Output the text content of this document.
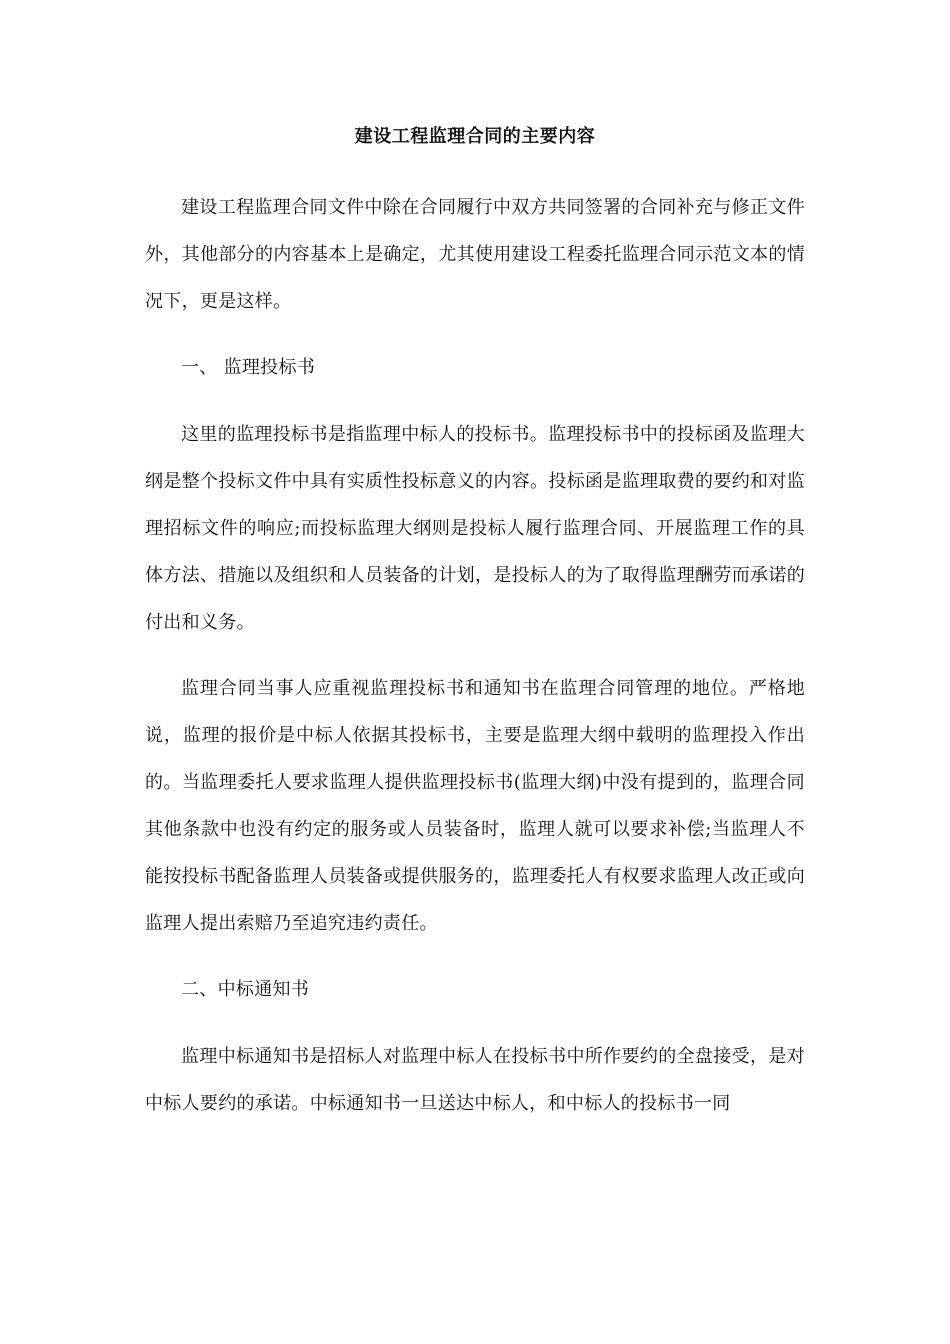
建设工程监理合同的主要内容

建设工程监理合同文件中除在合同履行中双方共同签署的合同补充与修正文件外，其他部分的内容基本上是确定，尤其使用建设工程委托监理合同示范文本的情况下，更是这样。

一、 监理投标书

这里的监理投标书是指监理中标人的投标书。监理投标书中的投标函及监理大纲是整个投标文件中具有实质性投标意义的内容。投标函是监理取费的要约和对监理招标文件的响应;而投标监理大纲则是投标人履行监理合同、开展监理工作的具体方法、措施以及组织和人员装备的计划，是投标人的为了取得监理酬劳而承诺的付出和义务。

监理合同当事人应重视监理投标书和通知书在监理合同管理的地位。严格地说，监理的报价是中标人依据其投标书，主要是监理大纲中载明的监理投入作出的。当监理委托人要求监理人提供监理投标书(监理大纲)中没有提到的，监理合同其他条款中也没有约定的服务或人员装备时，监理人就可以要求补偿;当监理人不能按投标书配备监理人员装备或提供服务的，监理委托人有权要求监理人改正或向监理人提出索赔乃至追究违约责任。

二、中标通知书

监理中标通知书是招标人对监理中标人在投标书中所作要约的全盘接受，是对中标人要约的承诺。中标通知书一旦送达中标人，和中标人的投标书一同
